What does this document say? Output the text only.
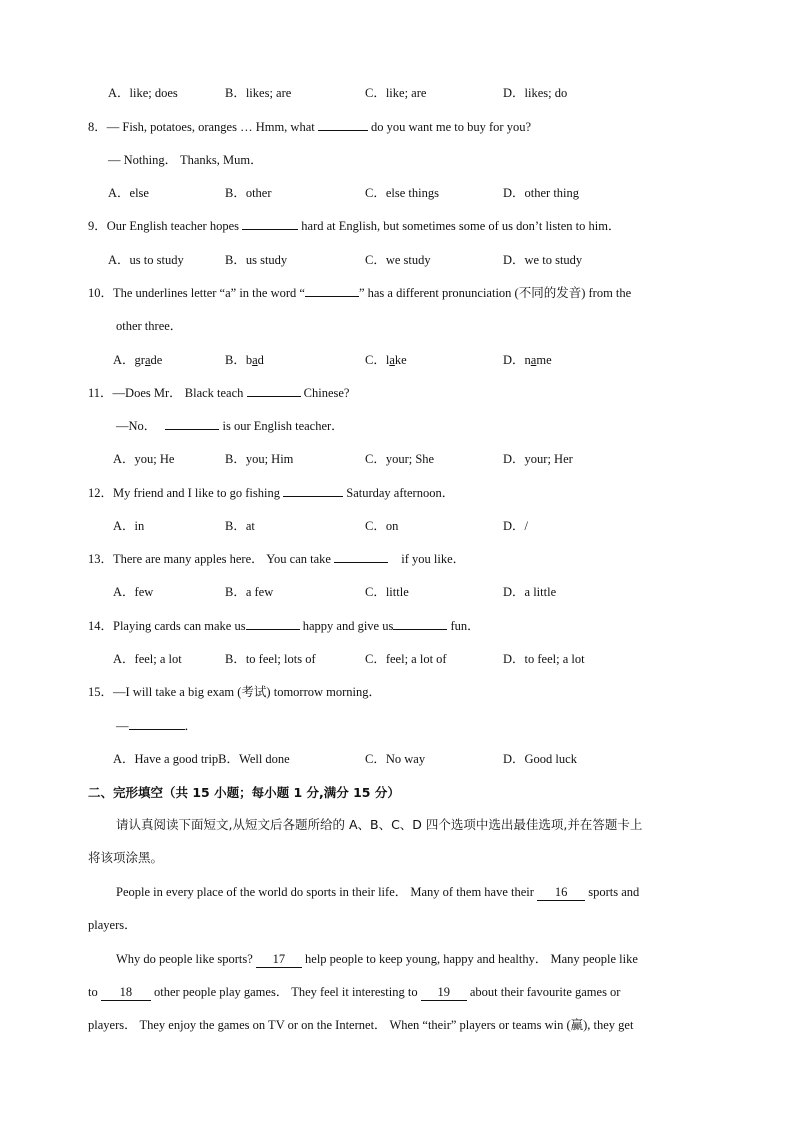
A．like; does	B．likes; are	C．like; are	D．likes; do
8．— Fish, potatoes, oranges … Hmm, what	do you want me to buy for you?
— Nothing． Thanks, Mum．
A．else	B．other	C．else things	D．other thing
9．Our English teacher hopes	hard at English, but sometimes some of us don’t listen to him．
A．us to study	B．us study	C．we study	D．we to study
10．The underlines letter “a” in the word “	” has a different pronunciation (不同的发音) from the
other three．
A．grade	B．bad	C．lake	D．name
11．—Does Mr． Black teach	Chinese?
—No．	is our English teacher．
A．you; He	B．you; Him	C．your; She	D．your; Her
12．My friend and I like to go fishing	Saturday afternoon．
A．in	B．at	C．on	D．/
13．There are many apples here． You can take	if you like．
A．few	B．a few	C．little	D．a little
14．Playing cards can make us	happy and give us	fun．
A．feel; a lot	B．to feel; lots of	C．feel; a lot of	D．to feel; a lot
15．—I will take a big exam (考试) tomorrow morning．
—	．
A．Have a good tripB．Well done	C．No way	D．Good luck
二、完形填空（共 15 小题；每小题 1 分,满分 15 分）
请认真阅读下面短文,从短文后各题所给的 A、B、C、D 四个选项中选出最佳选项,并在答题卡上
将该项涂黑。
People in every place of the world do sports in their life． Many of them have their 16 sports and
players．
Why do people like sports? 17 help people to keep young, happy and healthy． Many people like
to 18 other people play games． They feel it interesting to 19 about their favourite games or
players． They enjoy the games on TV or on the Internet． When “their” players or teams win (赢), they get
